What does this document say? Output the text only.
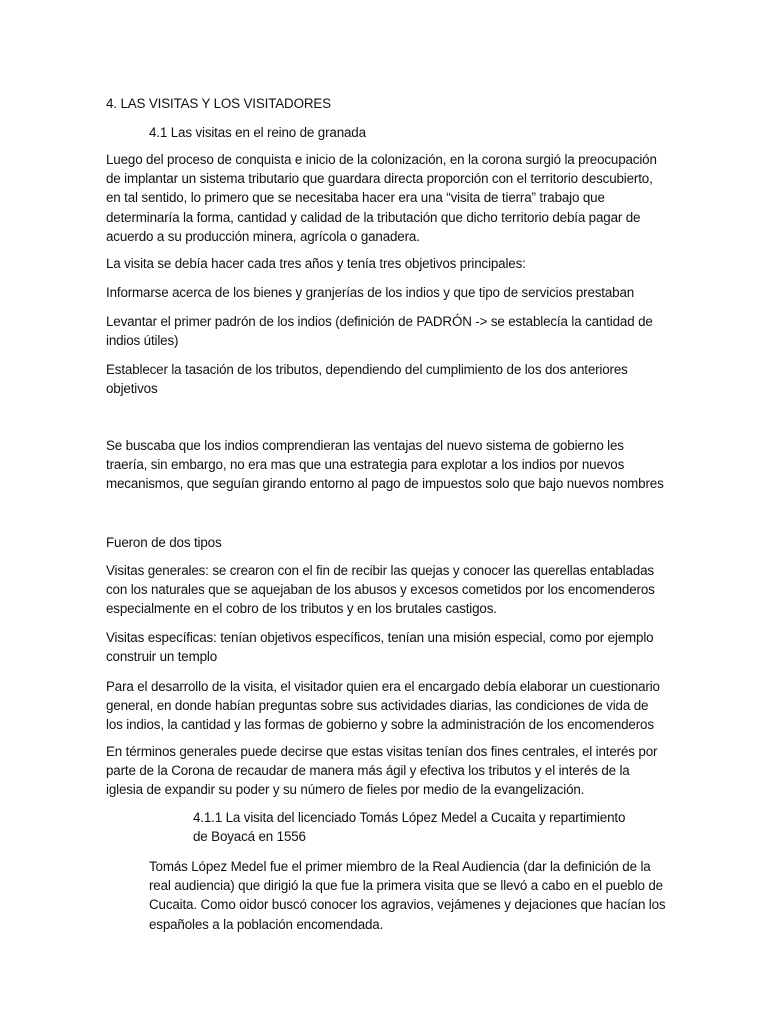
4. LAS VISITAS Y LOS VISITADORES

4.1 Las visitas en el reino de granada

Luego del proceso de conquista e inicio de la colonización, en la corona surgió la preocupación de implantar un sistema tributario que guardara directa proporción con el territorio descubierto, en tal sentido, lo primero que se necesitaba hacer era una “visita de tierra” trabajo que determinaría la forma, cantidad y calidad de la tributación que dicho territorio debía pagar de acuerdo a su producción minera, agrícola o ganadera.

La visita se debía hacer cada tres años y tenía tres objetivos principales:

Informarse acerca de los bienes y granjerías de los indios y que tipo de servicios prestaban

Levantar el primer padrón de los indios (definición de PADRÓN -> se establecía la cantidad de indios útiles)

Establecer la tasación de los tributos, dependiendo del cumplimiento de los dos anteriores objetivos

Se buscaba que los indios comprendieran las ventajas del nuevo sistema de gobierno les traería, sin embargo, no era mas que una estrategia para explotar a los indios por nuevos mecanismos, que seguían girando entorno al pago de impuestos solo que bajo nuevos nombres

Fueron de dos tipos

Visitas generales: se crearon con el fin de recibir las quejas y conocer las querellas entabladas con los naturales que se aquejaban de los abusos y excesos cometidos por los encomenderos especialmente en el cobro de los tributos y en los brutales castigos.

Visitas específicas: tenían objetivos específicos, tenían una misión especial, como por ejemplo construir un templo

Para el desarrollo de la visita, el visitador quien era el encargado debía elaborar un cuestionario general, en donde habían preguntas sobre sus actividades diarias, las condiciones de vida de los indios, la cantidad y las formas de gobierno y sobre la administración de los encomenderos

En términos generales puede decirse que estas visitas tenían dos fines centrales, el interés por parte de la Corona de recaudar de manera más ágil y efectiva los tributos y el interés de la iglesia de expandir su poder y su número de fieles por medio de la evangelización.

4.1.1 La visita del licenciado Tomás López Medel a Cucaita y repartimiento de Boyacá en 1556

Tomás López Medel fue el primer miembro de la Real Audiencia (dar la definición de la real audiencia) que dirigió la que fue la primera visita que se llevó a cabo en el pueblo de Cucaita. Como oidor buscó conocer los agravios, vejámenes y dejaciones que hacían los españoles a la población encomendada.
